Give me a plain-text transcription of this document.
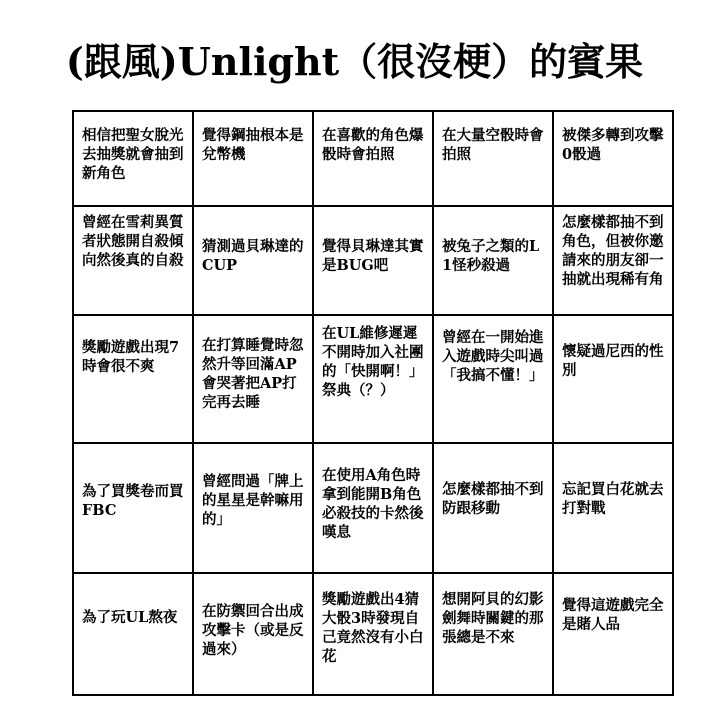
(跟風)Unlight（很沒梗）的賓果
相信把聖女脫光去抽獎就會抽到新角色	覺得鋼抽根本是兌幣機	在喜歡的角色爆骰時會拍照	在大量空骰時會拍照	被傑多轉到攻擊0骰過
曾經在雪莉異質者狀態開自殺傾向然後真的自殺	猜測過貝琳達的CUP	覺得貝琳達其實是BUG吧	被兔子之類的L1怪秒殺過	怎麼樣都抽不到角色，但被你邀請來的朋友卻一抽就出現稀有角
獎勵遊戲出現7時會很不爽	在打算睡覺時忽然升等回滿AP會哭著把AP打完再去睡	在UL維修遲遲不開時加入社團的「快開啊！」祭典（？）	曾經在一開始進入遊戲時尖叫過「我搞不懂！」	懷疑過尼西的性別
為了買獎卷而買FBC	曾經問過「牌上的星星是幹嘛用的」	在使用A角色時拿到能開B角色必殺技的卡然後嘆息	怎麼樣都抽不到防跟移動	忘記買白花就去打對戰
為了玩UL熬夜	在防禦回合出成攻擊卡（或是反過來）	獎勵遊戲出4猜大骰3時發現自己竟然沒有小白花	想開阿貝的幻影劍舞時關鍵的那張總是不來	覺得這遊戲完全是賭人品
